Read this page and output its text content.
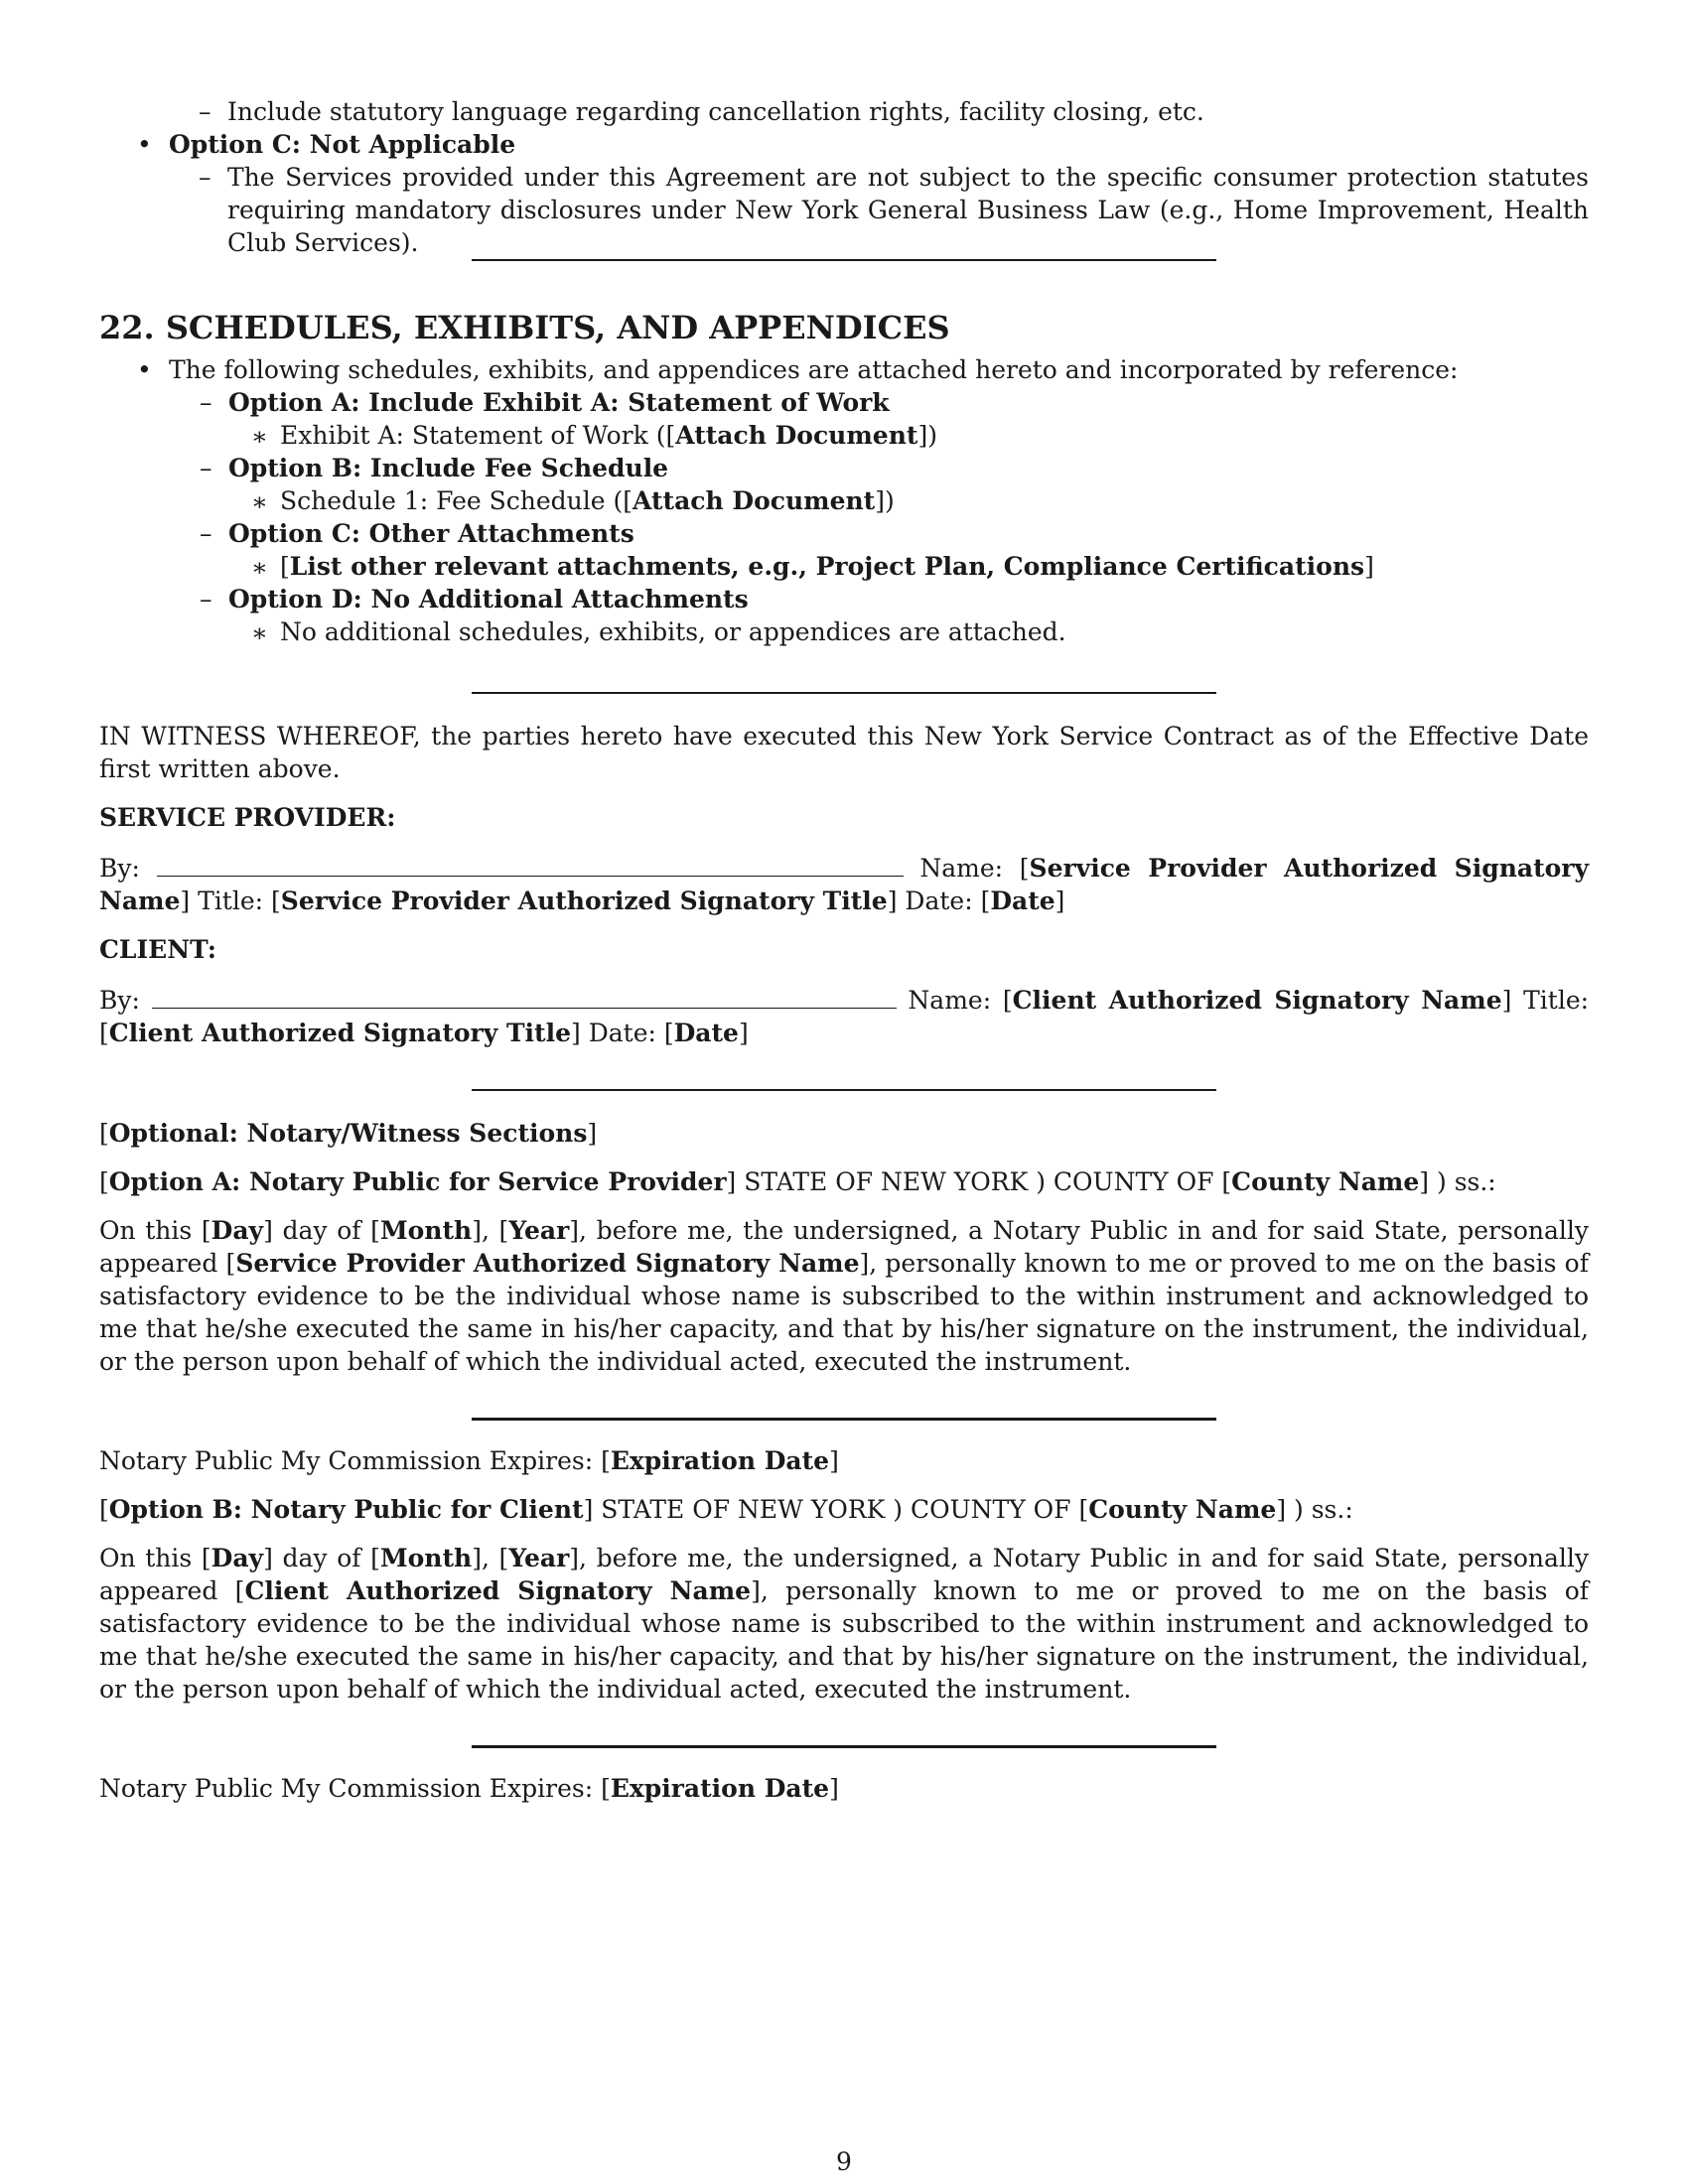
– Include statutory language regarding cancellation rights, facility closing, etc.
• Option C: Not Applicable
– The Services provided under this Agreement are not subject to the specific consumer protection statutes requiring mandatory disclosures under New York General Business Law (e.g., Home Improvement, Health Club Services).
22. SCHEDULES, EXHIBITS, AND APPENDICES
• The following schedules, exhibits, and appendices are attached hereto and incorporated by reference:
– Option A: Include Exhibit A: Statement of Work
∗ Exhibit A: Statement of Work ([Attach Document])
– Option B: Include Fee Schedule
∗ Schedule 1: Fee Schedule ([Attach Document])
– Option C: Other Attachments
∗ [List other relevant attachments, e.g., Project Plan, Compliance Certifications]
– Option D: No Additional Attachments
∗ No additional schedules, exhibits, or appendices are attached.

IN WITNESS WHEREOF, the parties hereto have executed this New York Service Contract as of the Effective Date first written above.

SERVICE PROVIDER:

By:	Name: [Service Provider Authorized Signatory Name] Title: [Service Provider Authorized Signatory Title] Date: [Date]

CLIENT:

By:	Name: [Client Authorized Signatory Name] Title: [Client Authorized Signatory Title] Date: [Date]

[Optional: Notary/Witness Sections]
[Option A: Notary Public for Service Provider] STATE OF NEW YORK ) COUNTY OF [County Name] ) ss.:

On this [Day] day of [Month], [Year], before me, the undersigned, a Notary Public in and for said State, personally appeared [Service Provider Authorized Signatory Name], personally known to me or proved to me on the basis of satisfactory evidence to be the individual whose name is subscribed to the within instrument and acknowledged to me that he/she executed the same in his/her capacity, and that by his/her signature on the instrument, the individual, or the person upon behalf of which the individual acted, executed the instrument.

Notary Public My Commission Expires: [Expiration Date]
[Option B: Notary Public for Client] STATE OF NEW YORK ) COUNTY OF [County Name] ) ss.:

On this [Day] day of [Month], [Year], before me, the undersigned, a Notary Public in and for said State, personally appeared [Client Authorized Signatory Name], personally known to me or proved to me on the basis of satisfactory evidence to be the individual whose name is subscribed to the within instrument and acknowledged to me that he/she executed the same in his/her capacity, and that by his/her signature on the instrument, the individual, or the person upon behalf of which the individual acted, executed the instrument.

Notary Public My Commission Expires: [Expiration Date]
9
